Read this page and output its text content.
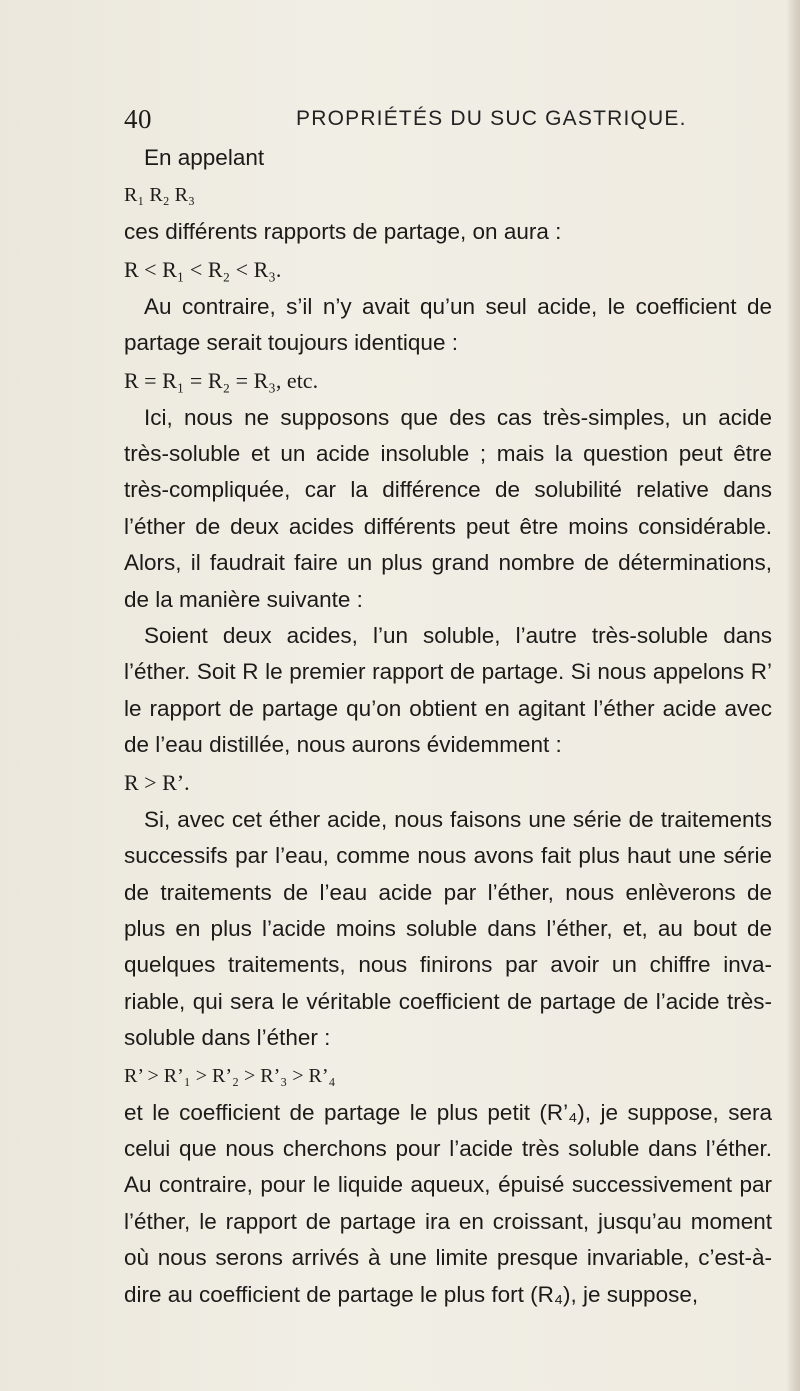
40	PROPRIÉTÉS DU SUC GASTRIQUE.

En appelant

R₁ R₂ R₃

ces différents rapports de partage, on aura :

R < R₁ < R₂ < R₃.

Au contraire, s’il n’y avait qu’un seul acide, le coefficient de partage serait toujours identique :

R = R₁ = R₂ = R₃, etc.

Ici, nous ne supposons que des cas très-simples, un acide très-soluble et un acide insoluble ; mais la question peut être très-compliquée, car la différence de solubilité relative dans l’éther de deux acides différents peut être moins considérable. Alors, il faudrait faire un plus grand nombre de déterminations, de la manière suivante :

Soient deux acides, l’un soluble, l’autre très-soluble dans l’éther. Soit R le premier rapport de partage. Si nous appelons R’ le rapport de partage qu’on obtient en agitant l’éther acide avec de l’eau distillée, nous aurons évidemment :

R > R’.

Si, avec cet éther acide, nous faisons une série de traitements successifs par l’eau, comme nous avons fait plus haut une série de traitements de l’eau acide par l’éther, nous enlèverons de plus en plus l’acide moins soluble dans l’éther, et, au bout de quelques traitements, nous finirons par avoir un chiffre invariable, qui sera le véritable coefficient de partage de l’acide très-soluble dans l’éther :

R’ > R’₁ > R’₂ > R’₃ > R’₄

et le coefficient de partage le plus petit (R’₄), je suppose, sera celui que nous cherchons pour l’acide très soluble dans l’éther. Au contraire, pour le liquide aqueux, épuisé successivement par l’éther, le rapport de partage ira en croissant, jusqu’au moment où nous serons arrivés à une limite presque invariable, c’est-à-dire au coefficient de partage le plus fort (R₄), je suppose,
